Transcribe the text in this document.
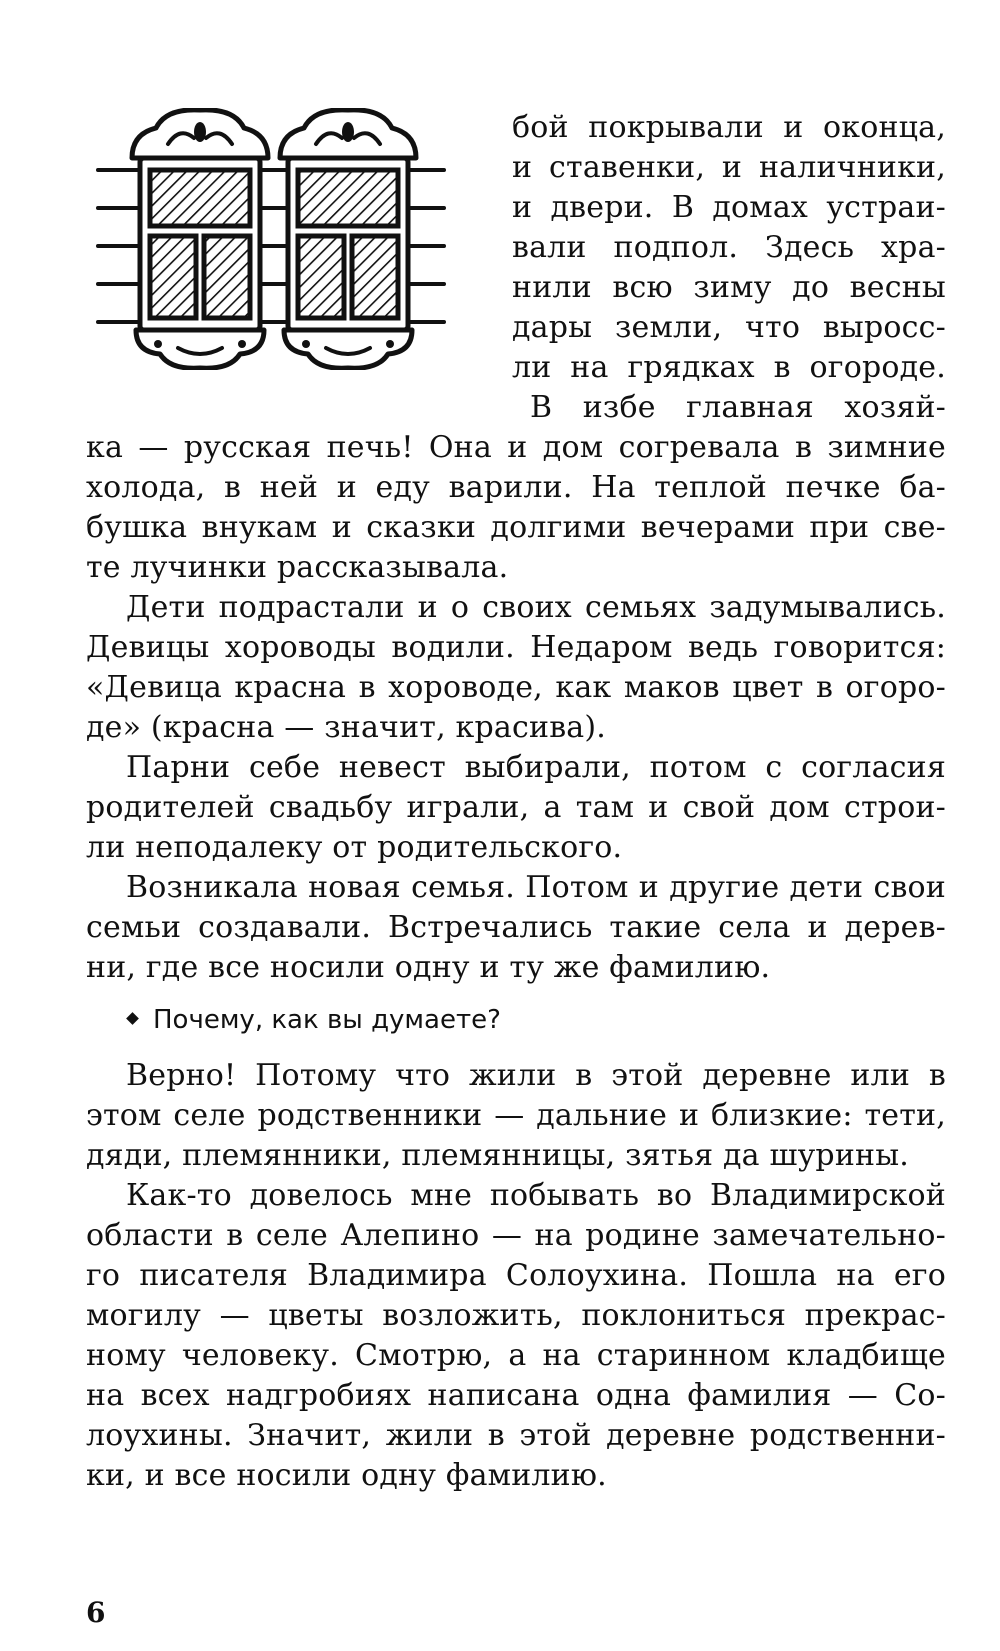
бой покрывали и оконца,
и ставенки, и наличники,
и двери. В домах устраи-
вали подпол. Здесь хра-
нили всю зиму до весны
дары земли, что выросс-
ли на грядках в огороде.
В избе главная хозяй-
ка — русская печь! Она и дом согревала в зимние
холода, в ней и еду варили. На теплой печке ба-
бушка внукам и сказки долгими вечерами при све-
те лучинки рассказывала.
Дети подрастали и о своих семьях задумывались.
Девицы хороводы водили. Недаром ведь говорится:
«Девица красна в хороводе, как маков цвет в огоро-
де» (красна — значит, красива).
Парни себе невест выбирали, потом с согласия
родителей свадьбу играли, а там и свой дом строи-
ли неподалеку от родительского.
Возникала новая семья. Потом и другие дети свои
семьи создавали. Встречались такие села и дерев-
ни, где все носили одну и ту же фамилию.
Почему, как вы думаете?
Верно! Потому что жили в этой деревне или в
этом селе родственники — дальние и близкие: тети,
дяди, племянники, племянницы, зятья да шурины.
Как-то довелось мне побывать во Владимирской
области в селе Алепино — на родине замечательно-
го писателя Владимира Солоухина. Пошла на его
могилу — цветы возложить, поклониться прекрас-
ному человеку. Смотрю, а на старинном кладбище
на всех надгробиях написана одна фамилия — Со-
лоухины. Значит, жили в этой деревне родственни-
ки, и все носили одну фамилию.
6
